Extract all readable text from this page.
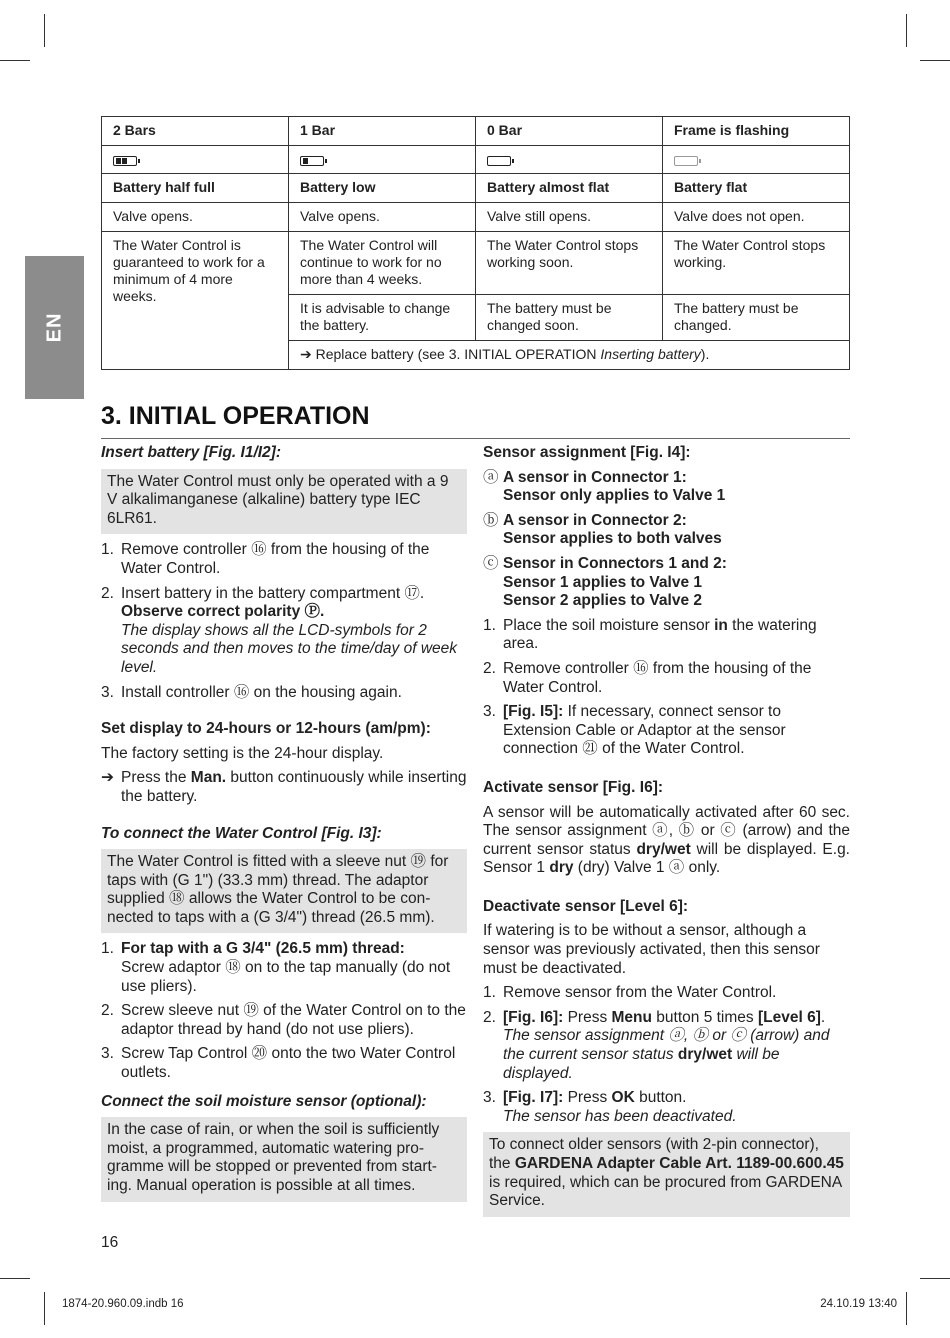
EN
2 Bars	1 Bar	0 Bar	Frame is flashing

Battery half full	Battery low	Battery almost flat	Battery flat
Valve opens.	Valve opens.	Valve still opens.	Valve does not open.
The Water Control is guaranteed to work for a minimum of 4 more weeks.	The Water Control will continue to work for no more than 4 weeks.	The Water Control stops working soon.	The Water Control stops working.
	It is advisable to change the battery.	The battery must be changed soon.	The battery must be changed.
	➔ Replace battery (see 3. INITIAL OPERATION Inserting battery).		
3. INITIAL OPERATION
Insert battery [Fig. I1/I2]:
The Water Control must only be operated with a 9 V alkalimanganese (alkaline) battery type IEC 6LR61.
1. Remove controller ⑯ from the housing of the Water Control.
2. Insert battery in the battery compartment ⑰.
Observe correct polarity Ⓟ.
The display shows all the LCD-symbols for 2 seconds and then moves to the time/day of week level.
3. Install controller ⑯ on the housing again.
Set display to 24-hours or 12-hours (am/pm):

The factory setting is the 24-hour display.

➔ Press the Man. button continuously while inserting the battery.
To connect the Water Control [Fig. I3]:
The Water Control is fitted with a sleeve nut ⑲ for taps with (G 1") (33.3 mm) thread. The adaptor supplied ⑱ allows the Water Control to be con-nected to taps with a (G 3/4") thread (26.5 mm).
1. For tap with a G 3/4" (26.5 mm) thread:
Screw adaptor ⑱ on to the tap manually (do not use pliers).
2. Screw sleeve nut ⑲ of the Water Control on to the adaptor thread by hand (do not use pliers).
3. Screw Tap Control ⑳ onto the two Water Control outlets.
Connect the soil moisture sensor (optional):
In the case of rain, or when the soil is sufficiently moist, a programmed, automatic watering pro-gramme will be stopped or prevented from start-ing. Manual operation is possible at all times.
Sensor assignment [Fig. I4]:
ⓐ A sensor in Connector 1:
Sensor only applies to Valve 1
ⓑ A sensor in Connector 2:
Sensor applies to both valves
ⓒ Sensor in Connectors 1 and 2:
Sensor 1 applies to Valve 1
Sensor 2 applies to Valve 2
1. Place the soil moisture sensor in the watering area.
2. Remove controller ⑯ from the housing of the Water Control.
3. [Fig. I5]: If necessary, connect sensor to Extension Cable or Adaptor at the sensor connection ㉑ of the Water Control.
Activate sensor [Fig. I6]:

A sensor will be automatically activated after 60 sec. The sensor assignment ⓐ, ⓑ or ⓒ (arrow) and the current sensor status dry/wet will be displayed. E.g. Sensor 1 dry (dry) Valve 1 ⓐ only.

Deactivate sensor [Level 6]:

If watering is to be without a sensor, although a sensor was previously activated, then this sensor must be deactivated.

1. Remove sensor from the Water Control.
2. [Fig. I6]: Press Menu button 5 times [Level 6].
The sensor assignment ⓐ, ⓑ or ⓒ (arrow) and the current sensor status dry/wet will be displayed.
3. [Fig. I7]: Press OK button.
The sensor has been deactivated.
To connect older sensors (with 2-pin connector), the GARDENA Adapter Cable Art. 1189-00.600.45 is required, which can be procured from GARDENA Service.
16
1874-20.960.09.indb 16	24.10.19 13:40
